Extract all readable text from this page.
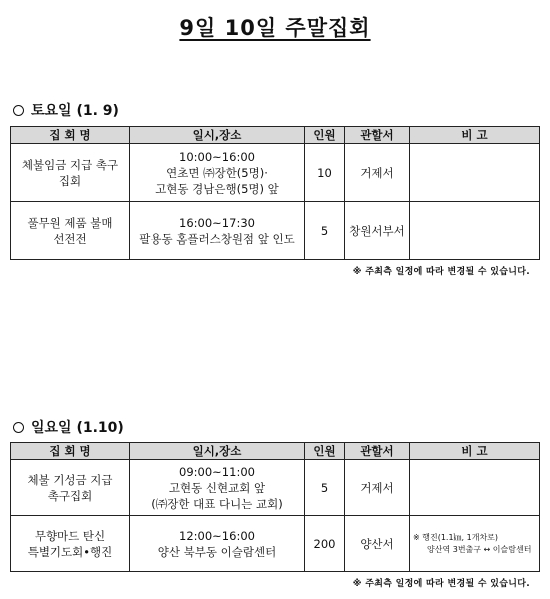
9일 10일 주말집회
토요일 (1. 9)
집 회 명	일시,장소	인원	관할서	비 고

체불임금 지급 촉구
집회	10:00~16:00
연초면 ㈜장한(5명)·
고현동 경남은행(5명) 앞	10	거제서	

풀무원 제품 불매
선전전	16:00~17:30
팔용동 홈플러스창원점 앞 인도	5	창원서부서	
※ 주최측 일정에 따라 변경될 수 있습니다.
일요일 (1.10)
집 회 명	일시,장소	인원	관할서	비 고

체불 기성금 지급
촉구집회	09:00~11:00
고현동 신현교회 앞
(㈜장한 대표 다니는 교회)	5	거제서	

무향마드 탄신
특별기도회•행진	12:00~16:00
양산 북부동 이슬람센터	200	양산서	※ 행진(1.1㎞, 1개차로)
양산역 3번출구 ↔ 이슬람센터
※ 주최측 일정에 따라 변경될 수 있습니다.
